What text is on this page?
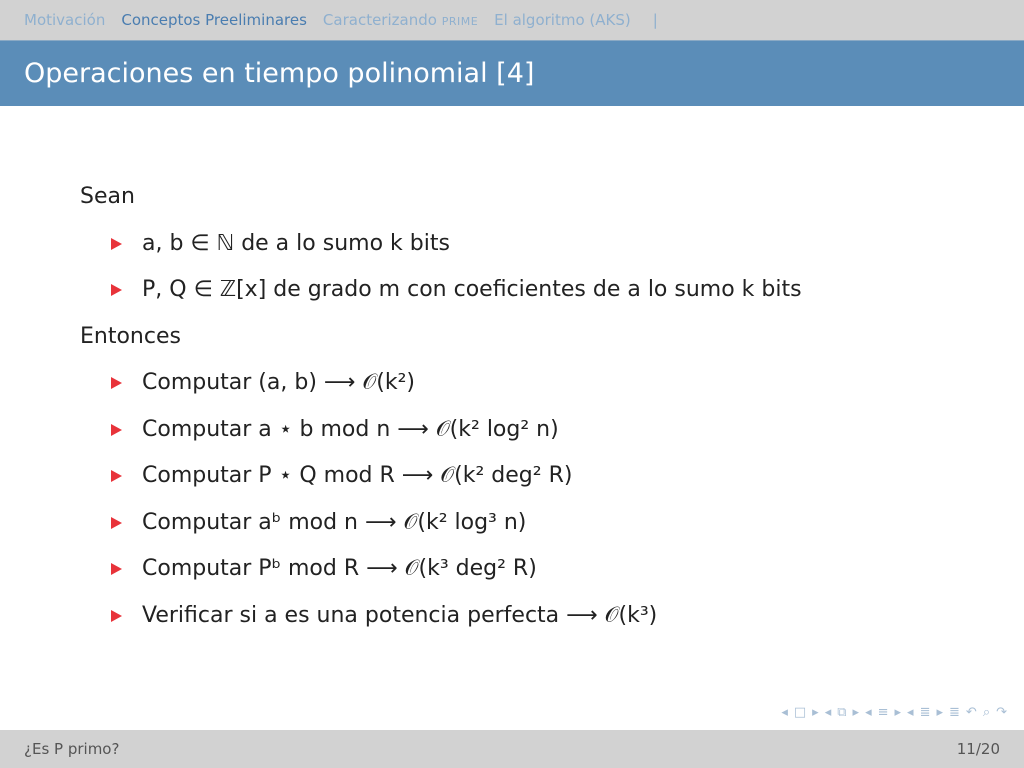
Motivación Conceptos Preeliminares Caracterizando prime El algoritmo (AKS) |
Operaciones en tiempo polinomial [4]
Sean
a, b ∈ ℕ de a lo sumo k bits
P, Q ∈ ℤ[x] de grado m con coeficientes de a lo sumo k bits
Entonces
Computar (a, b) ⟶ 𝒪(k²)
Computar a ⋆ b mod n ⟶ 𝒪(k² log² n)
Computar P ⋆ Q mod R ⟶ 𝒪(k² deg² R)
Computar aᵇ mod n ⟶ 𝒪(k² log³ n)
Computar Pᵇ mod R ⟶ 𝒪(k³ deg² R)
Verificar si a es una potencia perfecta ⟶ 𝒪(k³)
◂ □ ▸ ◂ ⧉ ▸ ◂ ≡ ▸ ◂ ≣ ▸ ≣ ↶ ⌕ ↷
¿Es P primo?	11/20
